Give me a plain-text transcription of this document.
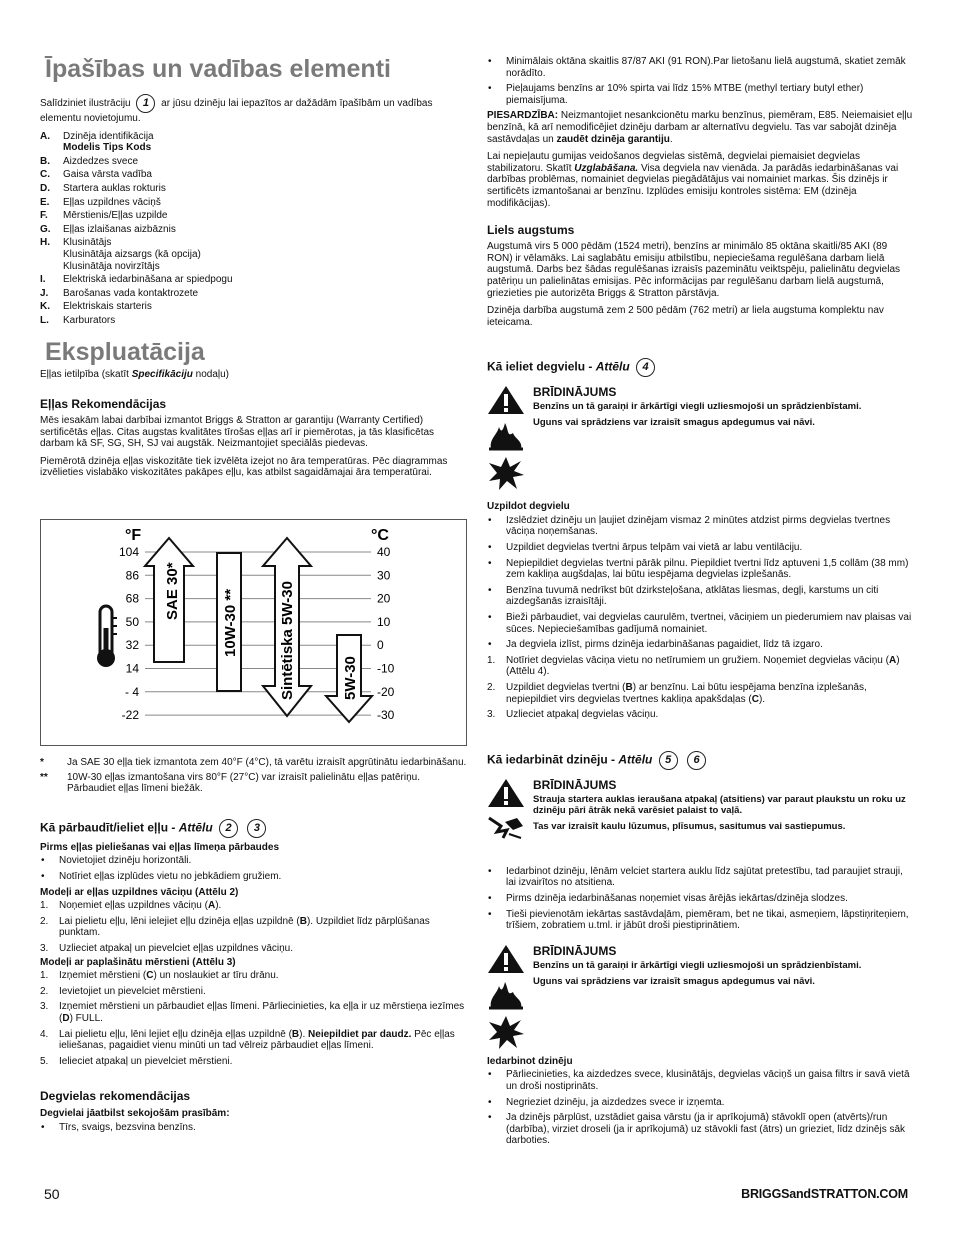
Īpašības un vadības elementi

Salīdziniet ilustrāciju 1 ar jūsu dzinēju lai iepazītos ar dažādām īpašībām un vadības elementu novietojumu.

A. Dzinēja identifikācija
Modelis Tips Kods
B. Aizdedzes svece
C. Gaisa vārsta vadība
D. Startera auklas rokturis
E. Eļļas uzpildnes vāciņš
F. Mērstienis/Eļļas uzpilde
G. Eļļas izlaišanas aizbāznis
H. Klusinātājs
Klusinātāja aizsargs (kā opcija)
Klusinātāja novirzītājs
I. Elektriskā iedarbināšana ar spiedpogu
J. Barošanas vada kontaktrozete
K. Elektriskais starteris
L. Karburators
Ekspluatācija

Eļļas ietilpība (skatīt Specifikāciju nodaļu)

Eļļas Rekomendācijas

Mēs iesakām labai darbībai izmantot Briggs & Stratton ar garantiju (Warranty Certified) sertificētās eļļas. Citas augstas kvalitātes tīrošas eļļas arī ir piemērotas, ja tās klasificētas darbam kā SF, SG, SH, SJ vai augstāk. Neizmantojiet speciālās piedevas.

Piemērotā dzinēja eļļas viskozitāte tiek izvēlēta izejot no āra temperatūras. Pēc diagrammas izvēlieties vislabāko viskozitātes pakāpes eļļu, kas atbilst sagaidāmajai āra temperatūrai.

°F	°C
104
86
68
50
32
14
- 4
-22
40
30
20
10
0
-10
-20
-30
SAE 30*	10W-30 **	Sintētiska 5W-30	5W-30
* Ja SAE 30 eļļa tiek izmantota zem 40°F (4°C), tā varētu izraisīt apgrūtinātu iedarbināšanu.
** 10W-30 eļļas izmantošana virs 80°F (27°C) var izraisīt palielinātu eļļas patēriņu. Pārbaudiet eļļas līmeni biežāk.
Kā pārbaudīt/ieliet eļļu - Attēlu 2 3
Pirms eļļas pieliešanas vai eļļas līmeņa pārbaudes
• Novietojiet dzinēju horizontāli.
• Notīriet eļļas izplūdes vietu no jebkādiem gružiem.
Modeļi ar eļļas uzpildnes vāciņu (Attēlu 2)
1. Noņemiet eļļas uzpildnes vāciņu (A).
2. Lai pielietu eļļu, lēni ielejiet eļļu dzinēja eļļas uzpildnē (B). Uzpildiet līdz pārplūšanas punktam.
3. Uzlieciet atpakaļ un pievelciet eļļas uzpildnes vāciņu.
Modeļi ar paplašinātu mērstieni (Attēlu 3)
1. Izņemiet mērstieni (C) un noslaukiet ar tīru drānu.
2. Ievietojiet un pievelciet mērstieni.
3. Izņemiet mērstieni un pārbaudiet eļļas līmeni. Pārliecinieties, ka eļļa ir uz mērstieņa iezīmes (D) FULL.
4. Lai pielietu eļļu, lēni lejiet eļļu dzinēja eļļas uzpildnē (B). Neiepildiet par daudz. Pēc eļļas ieliešanas, pagaidiet vienu minūti un tad vēlreiz pārbaudiet eļļas līmeni.
5. Ielieciet atpakaļ un pievelciet mērstieni.
Degvielas rekomendācijas
Degvielai jāatbilst sekojošām prasībām:
• Tīrs, svaigs, bezsvina benzīns.
• Minimālais oktāna skaitlis 87/87 AKI (91 RON).Par lietošanu lielā augstumā, skatiet zemāk norādīto.
• Pieļaujams benzīns ar 10% spirta vai līdz 15% MTBE (methyl tertiary butyl ether) piemaisījuma.

PIESARDZĪBA: Neizmantojiet nesankcionētu marku benzīnus, piemēram, E85. Neiemaisiet eļļu benzīnā, kā arī nemodificējiet dzinēju darbam ar alternatīvu degvielu. Tas var sabojāt dzinēja sastāvdaļas un zaudēt dzinēja garantiju.

Lai nepieļautu gumijas veidošanos degvielas sistēmā, degvielai piemaisiet degvielas stabilizatoru. Skatīt Uzglabāšana. Visa degviela nav vienāda. Ja parādās iedarbināšanas vai darbības problēmas, nomainiet degvielas piegādātājus vai nomainiet markas. Šis dzinējs ir sertificēts izmantošanai ar benzīnu. Izplūdes emisiju kontroles sistēma: EM (dzinēja modifikācijas).

Liels augstums

Augstumā virs 5 000 pēdām (1524 metri), benzīns ar minimālo 85 oktāna skaitli/85 AKI (89 RON) ir vēlamāks. Lai saglabātu emisiju atbilstību, nepieciešama regulēšana darbam lielā augstumā. Darbs bez šādas regulēšanas izraisīs pazeminātu veiktspēju, palielinātu degvielas patēriņu un palielinātas emisijas. Pēc informācijas par regulēšanu darbam lielā augstumā, griezieties pie autorizēta Briggs & Stratton pārstāvja.

Dzinēja darbība augstumā zem 2 500 pēdām (762 metri) ar liela augstuma komplektu nav ieteicama.

Kā ieliet degvielu - Attēlu 4
BRĪDINĀJUMS
Benzīns un tā garaiņi ir ārkārtīgi viegli uzliesmojoši un sprādzienbīstami.
Uguns vai sprādziens var izraisīt smagus apdegumus vai nāvi.
Uzpildot degvielu
• Izslēdziet dzinēju un ļaujiet dzinējam vismaz 2 minūtes atdzist pirms degvielas tvertnes vāciņa noņemšanas.
• Uzpildiet degvielas tvertni ārpus telpām vai vietā ar labu ventilāciju.
• Nepiepildiet degvielas tvertni pārāk pilnu. Piepildiet tvertni līdz aptuveni 1,5 collām (38 mm) zem kakliņa augšdaļas, lai būtu iespējama degvielas izplešanās.
• Benzīna tuvumā nedrīkst būt dzirksteļošana, atklātas liesmas, degļi, karstums un citi aizdegšanās izraisītāji.
• Bieži pārbaudiet, vai degvielas caurulēm, tvertnei, vāciņiem un piederumiem nav plaisas vai sūces. Nepieciešamības gadījumā nomainiet.
• Ja degviela izlīst, pirms dzinēja iedarbināšanas pagaidiet, līdz tā izgaro.
1. Notīriet degvielas vāciņa vietu no netīrumiem un gružiem. Noņemiet degvielas vāciņu (A) (Attēlu 4).
2. Uzpildiet degvielas tvertni (B) ar benzīnu. Lai būtu iespējama benzīna izplešanās, nepiepildiet virs degvielas tvertnes kakliņa apakšdaļas (C).
3. Uzlieciet atpakaļ degvielas vāciņu.
Kā iedarbināt dzinēju - Attēlu 5 6
BRĪDINĀJUMS
Strauja startera auklas ieraušana atpakaļ (atsitiens) var paraut plaukstu un roku uz dzinēju pāri ātrāk nekā varēsiet palaist to vaļā.
Tas var izraisīt kaulu lūzumus, plīsumus, sasitumus vai sastiepumus.
• Iedarbinot dzinēju, lēnām velciet startera auklu līdz sajūtat pretestību, tad paraujiet strauji, lai izvairītos no atsitiena.
• Pirms dzinēja iedarbināšanas noņemiet visas ārējās iekārtas/dzinēja slodzes.
• Tieši pievienotām iekārtas sastāvdaļām, piemēram, bet ne tikai, asmeņiem, lāpstiņriteņiem, trīšiem, zobratiem u.tml. ir jābūt droši piestiprinātiem.
BRĪDINĀJUMS
Benzīns un tā garaiņi ir ārkārtīgi viegli uzliesmojoši un sprādzienbīstami.
Uguns vai sprādziens var izraisīt smagus apdegumus vai nāvi.
Iedarbinot dzinēju
• Pārliecinieties, ka aizdedzes svece, klusinātājs, degvielas vāciņš un gaisa filtrs ir savā vietā un droši nostiprināts.
• Negrieziet dzinēju, ja aizdedzes svece ir izņemta.
• Ja dzinējs pārplūst, uzstādiet gaisa vārstu (ja ir aprīkojumā) stāvoklī open (atvērts)/run (darbība), virziet droseli (ja ir aprīkojumā) uz stāvokli fast (ātrs) un grieziet, līdz dzinējs sāk darboties.
50	BRIGGSandSTRATTON.COM
